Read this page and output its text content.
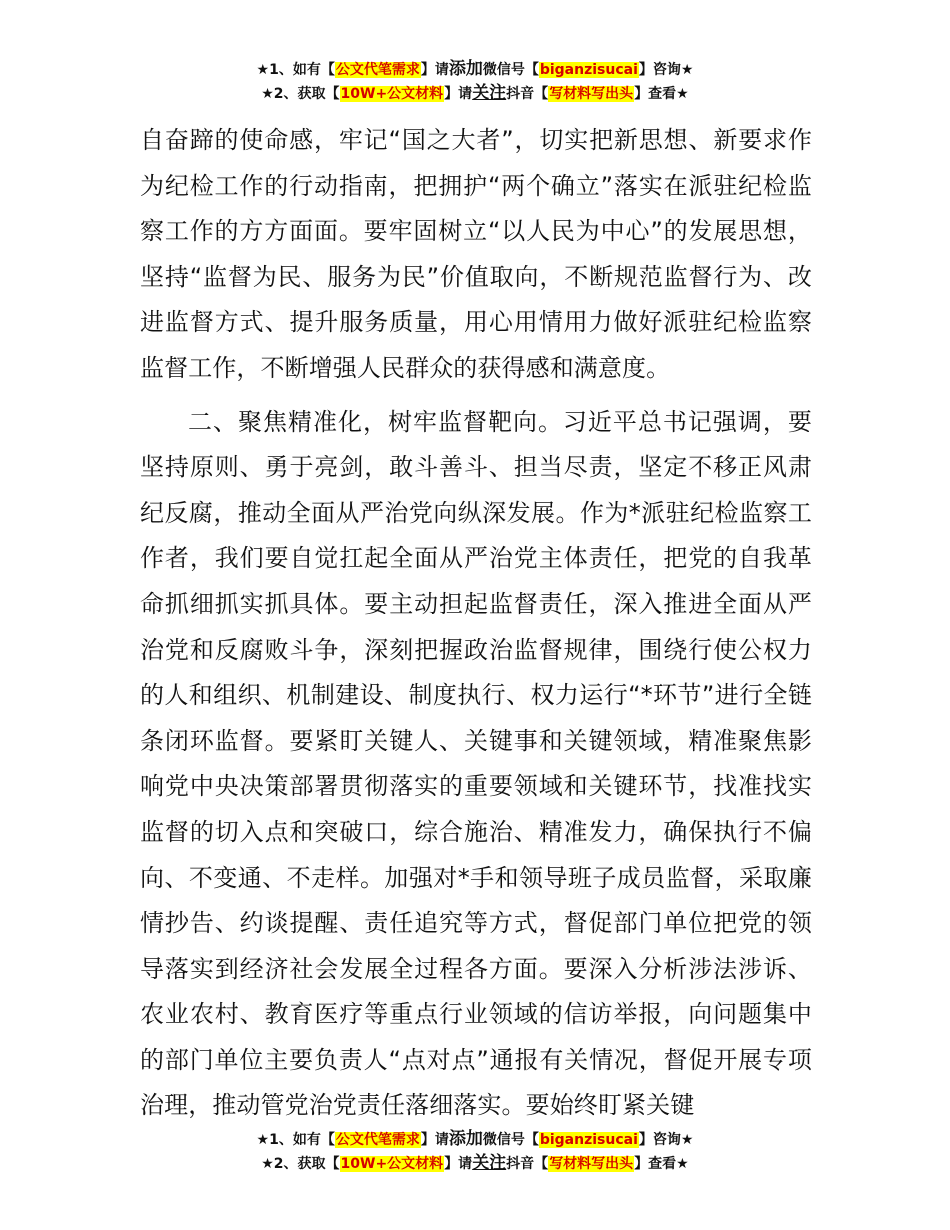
★1、如有【公文代笔需求】请添加微信号【biganzisucai】咨询★
★2、获取【10W+公文材料】请关注抖音【写材料写出头】查看★

自奋蹄的使命感，牢记“国之大者”，切实把新思想、新要求作为纪检工作的行动指南，把拥护“两个确立”落实在派驻纪检监察工作的方方面面。要牢固树立“以人民为中心”的发展思想，坚持“监督为民、服务为民”价值取向，不断规范监督行为、改进监督方式、提升服务质量，用心用情用力做好派驻纪检监察监督工作，不断增强人民群众的获得感和满意度。

二、聚焦精准化，树牢监督靶向。习近平总书记强调，要坚持原则、勇于亮剑，敢斗善斗、担当尽责，坚定不移正风肃纪反腐，推动全面从严治党向纵深发展。作为*派驻纪检监察工作者，我们要自觉扛起全面从严治党主体责任，把党的自我革命抓细抓实抓具体。要主动担起监督责任，深入推进全面从严治党和反腐败斗争，深刻把握政治监督规律，围绕行使公权力的人和组织、机制建设、制度执行、权力运行“*环节”进行全链条闭环监督。要紧盯关键人、关键事和关键领域，精准聚焦影响党中央决策部署贯彻落实的重要领域和关键环节，找准找实监督的切入点和突破口，综合施治、精准发力，确保执行不偏向、不变通、不走样。加强对*手和领导班子成员监督，采取廉情抄告、约谈提醒、责任追究等方式，督促部门单位把党的领导落实到经济社会发展全过程各方面。要深入分析涉法涉诉、农业农村、教育医疗等重点行业领域的信访举报，向问题集中的部门单位主要负责人“点对点”通报有关情况，督促开展专项治理，推动管党治党责任落细落实。要始终盯紧关键

★1、如有【公文代笔需求】请添加微信号【biganzisucai】咨询★
★2、获取【10W+公文材料】请关注抖音【写材料写出头】查看★
